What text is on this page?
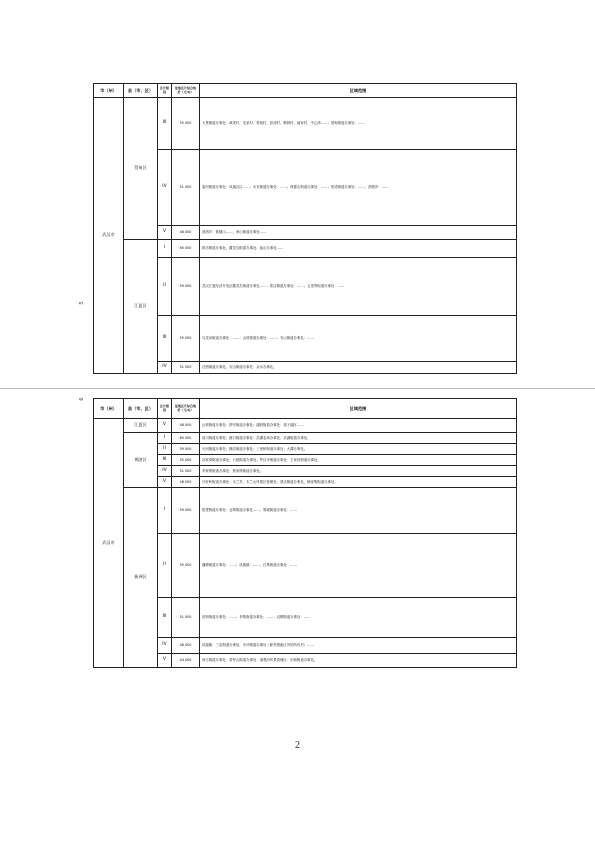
5
6
市（州）	县（市、区）	区片级别	征地区片综合地价（元/亩）	区域范围
武汉市	蔡甸区	III	55 000	大集街道办事处：黄虎村、龙泉村、张巷村、彭湾村、鹤林村、郝家村、中心湾……；蔡甸街道办事处：……
		IV	51 000	索河街道办事处：凤凰社区……；永安街道办事处：……；侏儒山街道办事处：……；张湾街道办事处：……；消泗乡：……
		V	48 000	消泗乡：侏儒山……；奓山街道办事处……
	江夏区	I	65 000	纸坊街道办事处、藏龙岛街道办事处、庙山办事处……
		II	59 000	武汉江夏经济开发区藏龙岛街道办事处……；郑店街道办事处：……；五里界街道办事处：……
		III	55 000	乌龙泉街道办事处：……；山坡街道办事处：……；安山街道办事处：……
		IV	51 000	法泗街道办事处、安山街道办事处：余水办事处。
市（州）	县（市、区）	区片级别	征地区片综合地价（元/亩）	区域范围
武汉市	江夏区	V	48 000	山坡街道办事处：舒安街道办事处；湖泗街道办事处：梁子湖区……
	黄陂区	I	65 000	前川街道办事处；滠口街道办事处：武湖农场办事处、武湖街道办事处。
		II	59 000	天河街道办事处；横店街道办事处：三里桥街道办事处；大潭办事处。
		III	55 000	祁家湾街道办事处；六指街道办事处；罗汉寺街道办事处：王家河街道办事处。
		IV	51 000	李家集街道办事处：蔡家榨街道办事处。
		V	48 000	长轩岭街道办事处：木兰乡、木兰山风景区管理处；蔡店街道办事处、姚家集街道办事处。
	新洲区	I	59 000	阳逻街道办事处：仓埠街道办事处……；邾城街道办事处：……
		II	55 000	潘塘街道办事处：……；凤凰镇：……；汪集街道办事处：……
		III	51 000	旧街街道办事处：……；李集街道办事处：……；双柳街道办事处：……
		IV	48 000	凤凰镇：三店街道办事处、辛冲街道办事处（除孝感新区外的所有村）……
		V	44 000	徐古街道办事处：将军山街道办事处：道观河风景管理区：旧街街道办事处。
2
